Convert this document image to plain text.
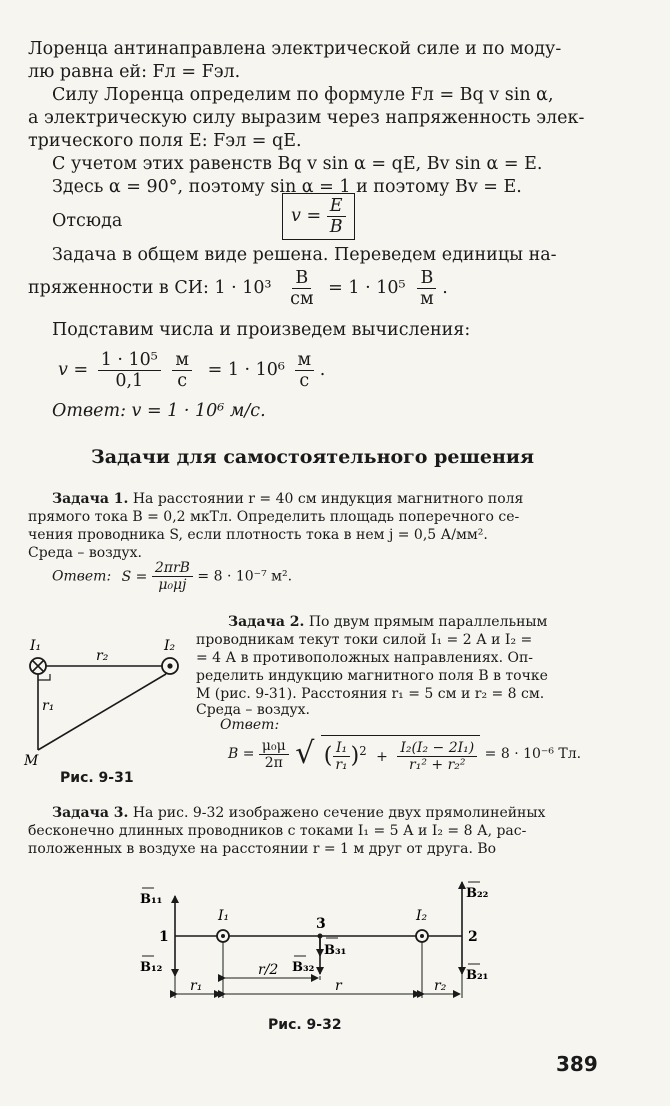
Лоренца антинаправлена электрической силе и по моду-
лю равна ей: Fл = Fэл.
Силу Лоренца определим по формуле Fл = Bq v sin α,
а электрическую силу выразим через напряженность элек-
трического поля E: Fэл = qE.
С учетом этих равенств Bq v sin α = qE, Bv sin α = E.
Здесь α = 90°, поэтому sin α = 1 и поэтому Bv = E.
Отсюда	$v = \frac{E}{B}$
Задача в общем виде решена. Переведем единицы на-
пряженности в СИ: $1 \cdot 10^3 \frac{В}{см} = 1 \cdot 10^5 \frac{В}{м}$ .
Подставим числа и произведем вычисления:
$v = \frac{\text{1 · 10⁵}}{0,1}$
$\frac{м}{с} = 1 \cdot 10^6 \frac{м}{с}$ .
Ответ: v = 1 · 10⁶ м/с.
Задачи для самостоятельного решения
Задача 1. На расстоянии r = 40 см индукция магнитного поля
прямого тока B = 0,2 мкТл. Определить площадь поперечного се-
чения проводника S, если плотность тока в нем j = 0,5 А/мм².
Среда – воздух.
Ответ: $S = \frac{\text{2πrB}}{\text{μ₀μj}} = 8 \cdot 10^{-7}$ м².
Задача 2. По двум прямым параллельным
проводникам текут токи силой I₁ = 2 А и I₂ =
= 4 А в противоположных направлениях. Оп-
ределить индукцию магнитного поля B в точке
M (рис. 9-31). Расстояния r₁ = 5 см и r₂ = 8 см.
Среда – воздух.
Ответ:
$B = \frac{\text{μ₀μ}}{2\pi}$ √ ( $\frac{\text{I₁}}{\text{r₁}} )^2 + \frac{\text{I₂(I₂ − 2I₁)}}{\text{r₁² + r₂²}} = 8 \cdot 10^{-6}$ Тл.
I₁	I₂
r₂
r₁
M
Рис. 9-31
Задача 3. На рис. 9-32 изображено сечение двух прямолинейных
бесконечно длинных проводников с токами I₁ = 5 А и I₂ = 8 А, рас-
положенных в воздухе на расстоянии r = 1 м друг от друга. Во
B₁₁
B₁₂
B₂₂
B₂₁
B₃₁
B₃₂
I₁	I₂
1	2
3
r/2
r₁	r	r₂
Рис. 9-32
389
